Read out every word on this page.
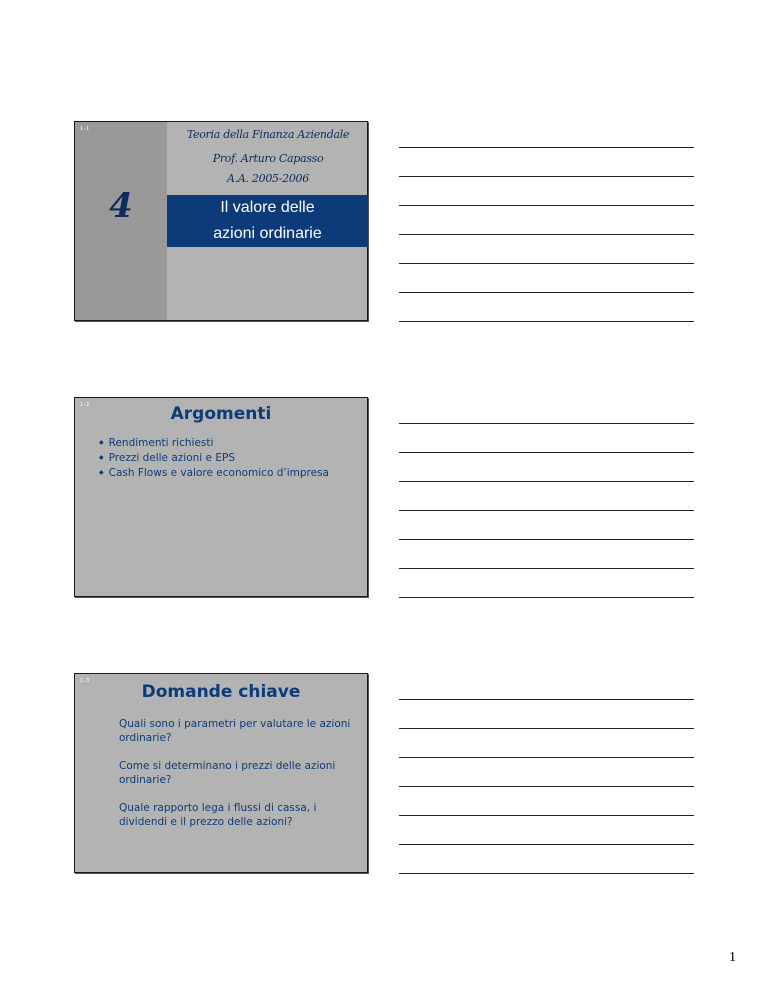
1-1
4
Teoria della Finanza Aziendale
Prof. Arturo Capasso
A.A. 2005-2006
Il valore delle
azioni ordinarie
1-2	Argomenti
◆ Rendimenti richiesti
◆ Prezzi delle azioni e EPS
◆ Cash Flows e valore economico d’impresa
1-3
Domande chiave

Quali sono i parametri per valutare le azioni ordinarie?

Come si determinano i prezzi delle azioni ordinarie?

Quale rapporto lega i flussi di cassa, i dividendi e il prezzo delle azioni?

1
